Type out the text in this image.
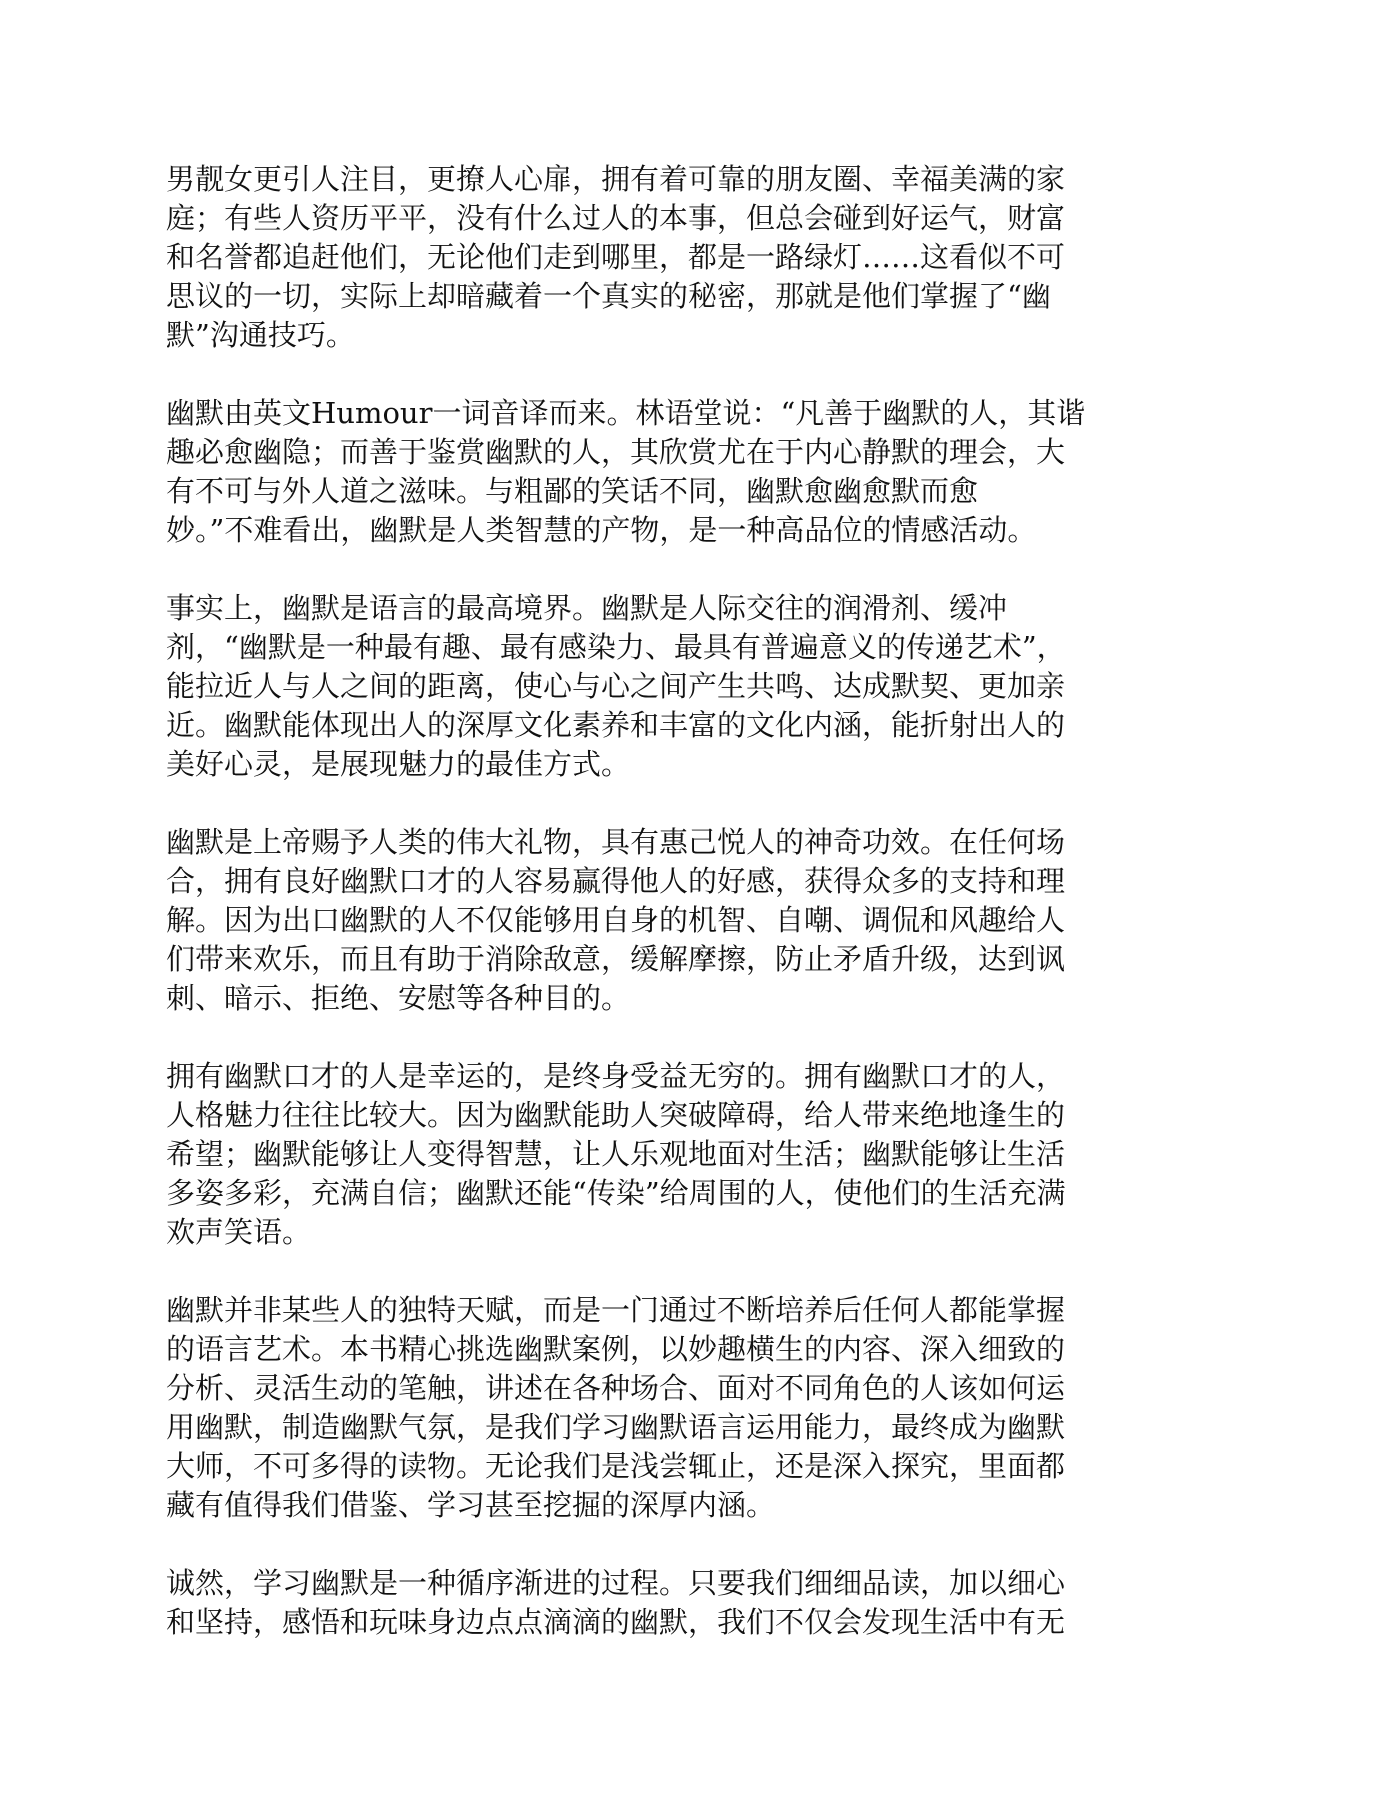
男靓女更引人注目，更撩人心扉，拥有着可靠的朋友圈、幸福美满的家
庭；有些人资历平平，没有什么过人的本事，但总会碰到好运气，财富
和名誉都追赶他们，无论他们走到哪里，都是一路绿灯……这看似不可
思议的一切，实际上却暗藏着一个真实的秘密，那就是他们掌握了“幽
默”沟通技巧。
幽默由英文Humour一词音译而来。林语堂说：“凡善于幽默的人，其谐
趣必愈幽隐；而善于鉴赏幽默的人，其欣赏尤在于内心静默的理会，大
有不可与外人道之滋味。与粗鄙的笑话不同，幽默愈幽愈默而愈
妙。”不难看出，幽默是人类智慧的产物，是一种高品位的情感活动。
事实上，幽默是语言的最高境界。幽默是人际交往的润滑剂、缓冲
剂，“幽默是一种最有趣、最有感染力、最具有普遍意义的传递艺术”，
能拉近人与人之间的距离，使心与心之间产生共鸣、达成默契、更加亲
近。幽默能体现出人的深厚文化素养和丰富的文化内涵，能折射出人的
美好心灵，是展现魅力的最佳方式。
幽默是上帝赐予人类的伟大礼物，具有惠己悦人的神奇功效。在任何场
合，拥有良好幽默口才的人容易赢得他人的好感，获得众多的支持和理
解。因为出口幽默的人不仅能够用自身的机智、自嘲、调侃和风趣给人
们带来欢乐，而且有助于消除敌意，缓解摩擦，防止矛盾升级，达到讽
刺、暗示、拒绝、安慰等各种目的。
拥有幽默口才的人是幸运的，是终身受益无穷的。拥有幽默口才的人，
人格魅力往往比较大。因为幽默能助人突破障碍，给人带来绝地逢生的
希望；幽默能够让人变得智慧，让人乐观地面对生活；幽默能够让生活
多姿多彩，充满自信；幽默还能“传染”给周围的人，使他们的生活充满
欢声笑语。
幽默并非某些人的独特天赋，而是一门通过不断培养后任何人都能掌握
的语言艺术。本书精心挑选幽默案例，以妙趣横生的内容、深入细致的
分析、灵活生动的笔触，讲述在各种场合、面对不同角色的人该如何运
用幽默，制造幽默气氛，是我们学习幽默语言运用能力，最终成为幽默
大师，不可多得的读物。无论我们是浅尝辄止，还是深入探究，里面都
藏有值得我们借鉴、学习甚至挖掘的深厚内涵。
诚然，学习幽默是一种循序渐进的过程。只要我们细细品读，加以细心
和坚持，感悟和玩味身边点点滴滴的幽默，我们不仅会发现生活中有无
